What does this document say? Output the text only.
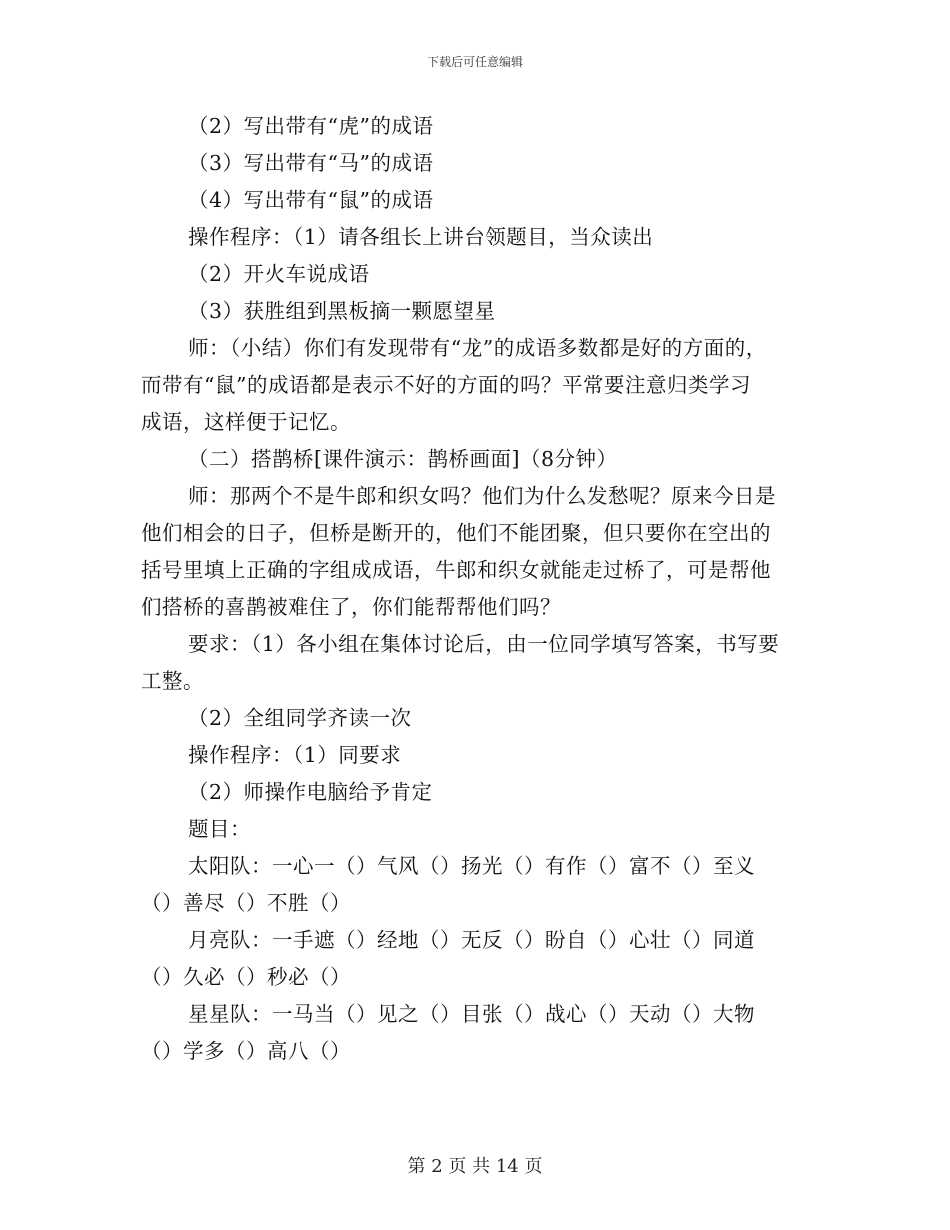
下载后可任意编辑
（2）写出带有“虎”的成语
（3）写出带有“马”的成语
（4）写出带有“鼠”的成语
操作程序：（1）请各组长上讲台领题目，当众读出
（2）开火车说成语
（3）获胜组到黑板摘一颗愿望星
师：（小结）你们有发现带有“龙”的成语多数都是好的方面的，
而带有“鼠”的成语都是表示不好的方面的吗？平常要注意归类学习
成语，这样便于记忆。
（二）搭鹊桥[课件演示：鹊桥画面]（8分钟）
师：那两个不是牛郎和织女吗？他们为什么发愁呢？原来今日是
他们相会的日子，但桥是断开的，他们不能团聚，但只要你在空出的
括号里填上正确的字组成成语，牛郎和织女就能走过桥了，可是帮他
们搭桥的喜鹊被难住了，你们能帮帮他们吗？
要求：（1）各小组在集体讨论后，由一位同学填写答案，书写要
工整。
（2）全组同学齐读一次
操作程序：（1）同要求
（2）师操作电脑给予肯定
题目：
太阳队：一心一（）气风（）扬光（）有作（）富不（）至义
（）善尽（）不胜（）
月亮队：一手遮（）经地（）无反（）盼自（）心壮（）同道
（）久必（）秒必（）
星星队：一马当（）见之（）目张（）战心（）天动（）大物
（）学多（）高八（）
第 2 页 共 14 页
